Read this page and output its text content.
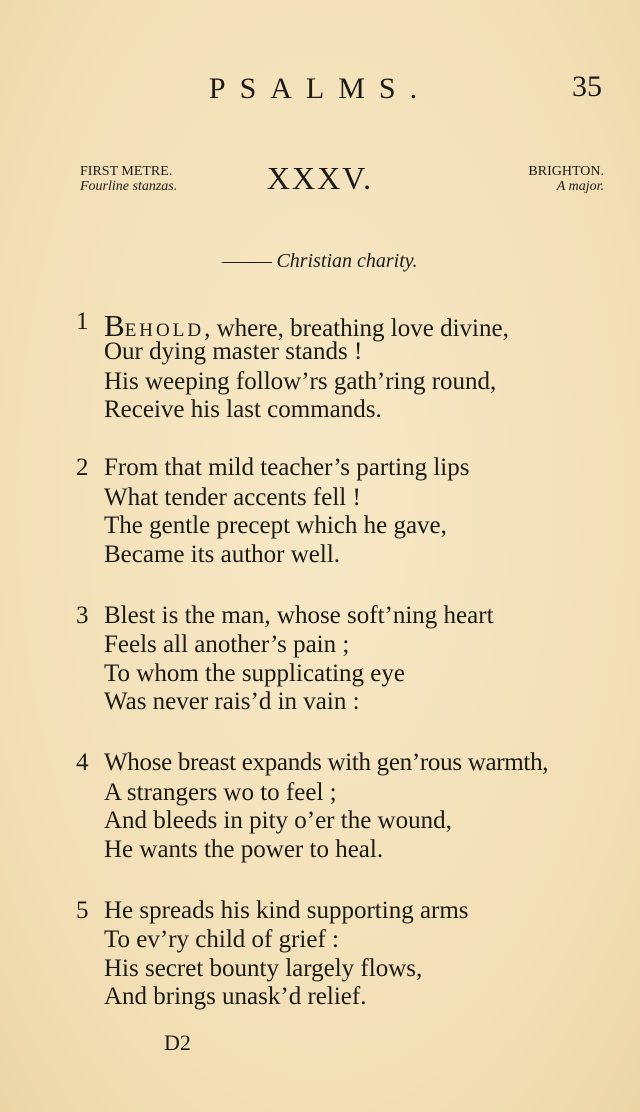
PSALMS.	35
FIRST METRE.
Fourline stanzas.	XXXV.	BRIGHTON.
A major.
Christian charity.
1 BEHOLD, where, breathing love divine,
Our dying master stands !
His weeping follow’rs gath’ring round,
Receive his last commands.
2 From that mild teacher’s parting lips
What tender accents fell !
The gentle precept which he gave,
Became its author well.
3 Blest is the man, whose soft’ning heart
Feels all another’s pain ;
To whom the supplicating eye
Was never rais’d in vain :
4 Whose breast expands with gen’rous warmth,
A strangers wo to feel ;
And bleeds in pity o’er the wound,
He wants the power to heal.
5 He spreads his kind supporting arms
To ev’ry child of grief :
His secret bounty largely flows,
And brings unask’d relief.
D2
